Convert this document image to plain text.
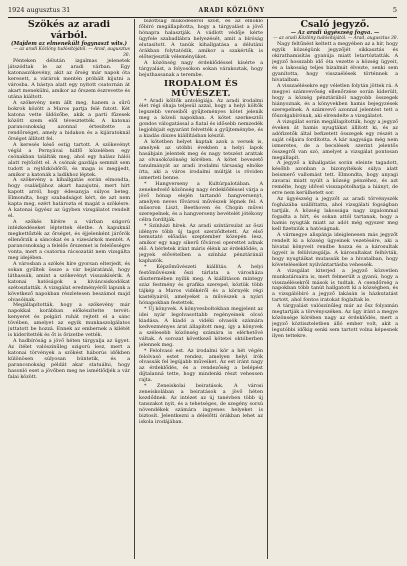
1924 augusztus 31	ARADI KÖZLÖNY	5

Szökés az aradi várból.

(Majdem az elmenekült fogynaszt wits.)

— az aradi Közlöny tudósítójától. — Arad, augusztus 30.

Pénteken délután izgalmas jelenetek játszódtak le az aradi várban. Egy katonaszökevény, akit az őrség már napok óta keresett, a várárok mentén próbált kijutni a városba. A bástya alatt egy nyitott csatornán át akart menekülni, amikor az őrszem észrevette és utána kiáltott.

A szökevény nem állt meg, hanem a sűrű bokrok között a Maros partja felé futott. Két katona vette üldözőbe, akik a parti fűzesek között szem elől tévesztették. A katonai parancsnokság azonnal értesítette a rendőrséget, amely a hidakon és a kijáratoknál őrséget állított fel.

A keresés késő estig tartott. A szökevényt végül a Pernyávai hídfő közelében egy csónakban találták meg, ahol egy halász hálói alatt rejtőzött el. A csónak gazdája semmit sem tudott a rejtőzködőről, és maga is megijedt, amikor a katonák a ladikhoz léptek.

A szökevény a kihallgatás során elmondta, hogy családjához akart hazajutni, mert hírt kapott arról, hogy édesanyja súlyos beteg. Elmondta, hogy szabadságot kért, de azt nem kapta meg, ezért határozta el magát a szökésre. A katonai ügyész az ügyben vizsgálatot rendelt el.

A szökés hírére a várban szigorú intézkedéseket léptettek életbe. A kapuknál megkettőzték az őrséget, és éjjelenként járőrök ellenőrzik a sáncokat és a vizesárkok mentét. A parancsnokság a felelős őrszemet is felelősségre vonta, mert a csatorna rácsozatát nem vizsgálta meg idejében.

A városban a szökés híre gyorsan elterjedt, és sokan gyűltek össze a vár bejáratánál, hogy láthassák, amint a szökevényt visszakísérik. A katonai hatóságok a kíváncsiskodókat szétoszlatták. A vizsgálat eredményéről lapunk a következő napokban részletesen beszámol majd olvasóinak.

Megállapították, hogy a szökevény már napokkal korábban előkészítette tervét: kenyeret és polgári ruhát rejtett el a sánc tövében, amelyet az egyik munkaszolgálatos juttatott be hozzá. Ennek az embernek a kilétét is kiderítették és őt is őrizetbe vették.

A hadbíróság a jövő héten tárgyalja az ügyet. Az ítélet valószínűleg szigorú lesz, mert a katonai törvények a szökést háborús időkben különösen súlyosan büntetik, és a parancsnokság példát akar statuálni, hogy hasonló eset a jövőben meg ne ismétlődjék a vár falai között.

bizottság működéséről szólt, és az elnöklő főbíró megállapította, hogy a tárgyalást a jövő hónapra halasztják. A vádlott védője kérte ügyfele szabadlábra helyezését, amit a bíróság elutasított. A tanúk kihallgatása a délutáni órákban folytatódik, amikor a szakértők is előterjesztik véleményüket.

A közönség nagy érdeklődéssel kísérte a tárgyalást, a folyosókon sokan várakoztak, hogy bejuthassanak a terembe.

IRODALOM ÉS MŰVÉSZET.

* Aradi költők antológiája. Az aradi irodalmi élet régi óhaja teljesül azzal, hogy a helyi költők legszebb verseiből gyűjteményes kötet jelenik meg a közeli napokban. A kötet szerkesztői gondos válogatással a fiatal és idősebb nemzedék legjobbjait egyaránt felvették a gyűjteménybe, és a kiadás díszes kiállításban készül.

A kötetben helyet kaptak azok a versek is, amelyek az utóbbi években a helyi lapok hasábjain jelentek meg és nagy tetszést arattak az olvasóközönség körében. A kötet bevezető tanulmányát az aradi irodalmi társaság elnöke írta, aki a város irodalmi múltját is röviden ismerteti benne.

* Hangverseny a Kultúrpalotában. A zenekedvelő közönség nagy érdeklődéssel várja a jövő hónap elején tartandó hangversenyt, amelyen neves fővárosi művészek lépnek fel. A műsoron Liszt, Beethoven és Chopin művei szerepelnek, és a hangverseny bevételét jótékony célra fordítják.

* Színházi hírek. Az aradi színtársulat az őszi idényre több új tagot szerződtetett. Az első bemutató előadás szeptember közepén lesz, amikor egy nagy sikerű fővárosi operettet adnak elő. A bérletek iránt máris élénk az érdeklődés, a jegyek elővételben a színház pénztáránál kaphatók.

* Képzőművészeti kiállítás. A helyi festőművészek őszi tárlata a városháza dísztermében nyílik meg. A kiállításon mintegy száz festmény és grafika szerepel, köztük több tájkép a Maros vidékéről és a környék régi kastélyairól, amelyeket a művészek a nyári hónapokban festettek.

* Új könyvek. A könyvesboltokban megjelent az idei nyár legolvasottabb regényeinek olcsó kiadása. A kiadó a vidéki olvasók számára kedvezményes árat állapított meg, így a könyvek a szélesebb közönség számára is elérhetővé váltak. A sorozat következő kötetei októberben jelennek meg.

* Felolvasó est. Az irodalmi kör a hét végén felolvasó estet rendez, amelyen helyi írók olvassák fel legújabb műveiket. Az est iránt nagy az érdeklődés, és a rendezőség a belépést díjtalanná tette, hogy mindenki részt vehessen rajta.

* Zeneiskolai beiratások. A városi zeneiskolában a beiratások a jövő héten kezdődnek. Az intézet az új tanévben több új tanszakot nyit, és a tehetséges, de szegény sorsú növendékek számára ingyenes helyeket is biztosít. Jelentkezni a délelőtti órákban lehet az iskola irodájában.

Csaló jegyző.

— Az aradi ügyészség fogva. —

— az aradi Közlöny tudósítójától. — Arad, augusztus 30.

Nagy feltűnést keltett a megyében az a hír, hogy egyik községünk jegyzőjét sikkasztás és okirathamisítás gyanúja miatt letartóztatták. A jegyző hosszabb idő óta vezette a község ügyeit, és a lakosság teljes bizalmát élvezte, senki sem gyanította, hogy visszaélések történnek a hivatalban.

A visszaélésekre egy véletlen folytán jöttek rá. A megyei számvevőség ellenőrzése során kiderült, hogy a község pénztárából nagyobb összegek hiányoznak, és a könyvekben hamis bejegyzések szerepelnek. A számvevő azonnal jelentést tett a főszolgabírónak, aki elrendelte a vizsgálatot.

A vizsgálat során megállapították, hogy a jegyző éveken át hamis nyugtákat állított ki, és az adófizetők által befizetett összegek egy részét a saját céljaira fordította. A kár nagysága még nem ismeretes, de a becslések szerint jelentős összegről van szó, amelyet a vizsgálat pontosan megállapít.

A jegyző a kihallgatás során eleinte tagadott, később azonban a bizonyítékok súlya alatt beismerő vallomást tett. Elmondta, hogy anyagi zavarai miatt nyúlt a község pénzéhez, és azt remélte, hogy idővel visszapótolhatja a hiányt, de erre nem kerülhetett sor.

Az ügyészség a jegyzőt az aradi törvényszék fogházába szállíttatta, ahol vizsgálati fogságban tartják. A község lakossága nagy izgalommal fogadta a hírt, és sokan attól tartanak, hogy a hamis nyugták miatt az adót még egyszer meg kell fizetniük a hatóságnak.

A vármegye alispánja ideiglenesen más jegyzőt rendelt ki a község ügyeinek vezetésére, aki a hivatal könyveit rendbe hozza és a károsultak ügyeit is felülvizsgálja. A károsultakat felhívták, hogy nyugtáikat mutassák be a hivatalban, hogy követeléseiket nyilvántartásba vehessék.

A vizsgálat kiterjed a jegyző közvetlen munkatársaira is, mert felmerült a gyanú, hogy a visszaélésekről mások is tudtak. A csendőrség a napokban több tanút hallgatott ki a községben, és a vizsgálóbíró a jegyző lakásán is házkutatást tartott, ahol fontos iratokat foglaltak le.

A tárgyalást valószínűleg már az ősz folyamán megtartják a törvényszéken. Az ügy iránt a megye közönsége körében nagy az érdeklődés, mert a jegyző köztiszteletben álló ember volt, akit a legutóbbi időkig senki sem tartott volna képesnek ilyen tettekre.
